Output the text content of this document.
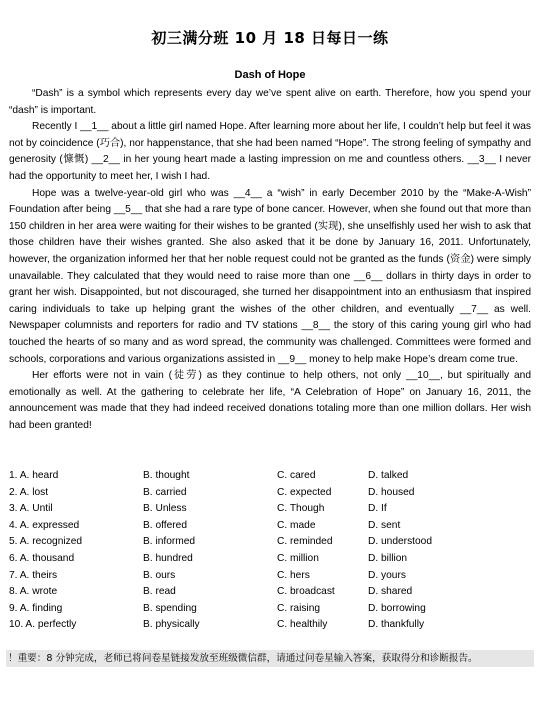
初三满分班 10 月 18 日每日一练
Dash of Hope

“Dash” is a symbol which represents every day we’ve spent alive on earth. Therefore, how you spend your “dash” is important.

Recently I __1__ about a little girl named Hope. After learning more about her life, I couldn’t help but feel it was not by coincidence (巧合), nor happenstance, that she had been named “Hope”. The strong feeling of sympathy and generosity (慷慨) __2__ in her young heart made a lasting impression on me and countless others. __3__ I never had the opportunity to meet her, I wish I had.

Hope was a twelve-year-old girl who was __4__ a “wish” in early December 2010 by the “Make-A-Wish” Foundation after being __5__ that she had a rare type of bone cancer. However, when she found out that more than 150 children in her area were waiting for their wishes to be granted (实现), she unselfishly used her wish to ask that those children have their wishes granted. She also asked that it be done by January 16, 2011. Unfortunately, however, the organization informed her that her noble request could not be granted as the funds (资金) were simply unavailable. They calculated that they would need to raise more than one __6__ dollars in thirty days in order to grant her wish. Disappointed, but not discouraged, she turned her disappointment into an enthusiasm that inspired caring individuals to take up helping grant the wishes of the other children, and eventually __7__ as well. Newspaper columnists and reporters for radio and TV stations __8__ the story of this caring young girl who had touched the hearts of so many and as word spread, the community was challenged. Committees were formed and schools, corporations and various organizations assisted in __9__ money to help make Hope’s dream come true.

Her efforts were not in vain (徒劳) as they continue to help others, not only __10__, but spiritually and emotionally as well. At the gathering to celebrate her life, “A Celebration of Hope” on January 16, 2011, the announcement was made that they had indeed received donations totaling more than one million dollars. Her wish had been granted!

1. A. heard	B. thought	C. cared	D. talked
2. A. lost	B. carried	C. expected	D. housed
3. A. Until	B. Unless	C. Though	D. If
4. A. expressed	B. offered	C. made	D. sent
5. A. recognized	B. informed	C. reminded	D. understood
6. A. thousand	B. hundred	C. million	D. billion
7. A. theirs	B. ours	C. hers	D. yours
8. A. wrote	B. read	C. broadcast	D. shared
9. A. finding	B. spending	C. raising	D. borrowing
10. A. perfectly	B. physically	C. healthily	D. thankfully
！重要：8 分钟完成，老师已将问卷星链接发放至班级微信群，请通过问卷星输入答案，获取得分和诊断报告。
